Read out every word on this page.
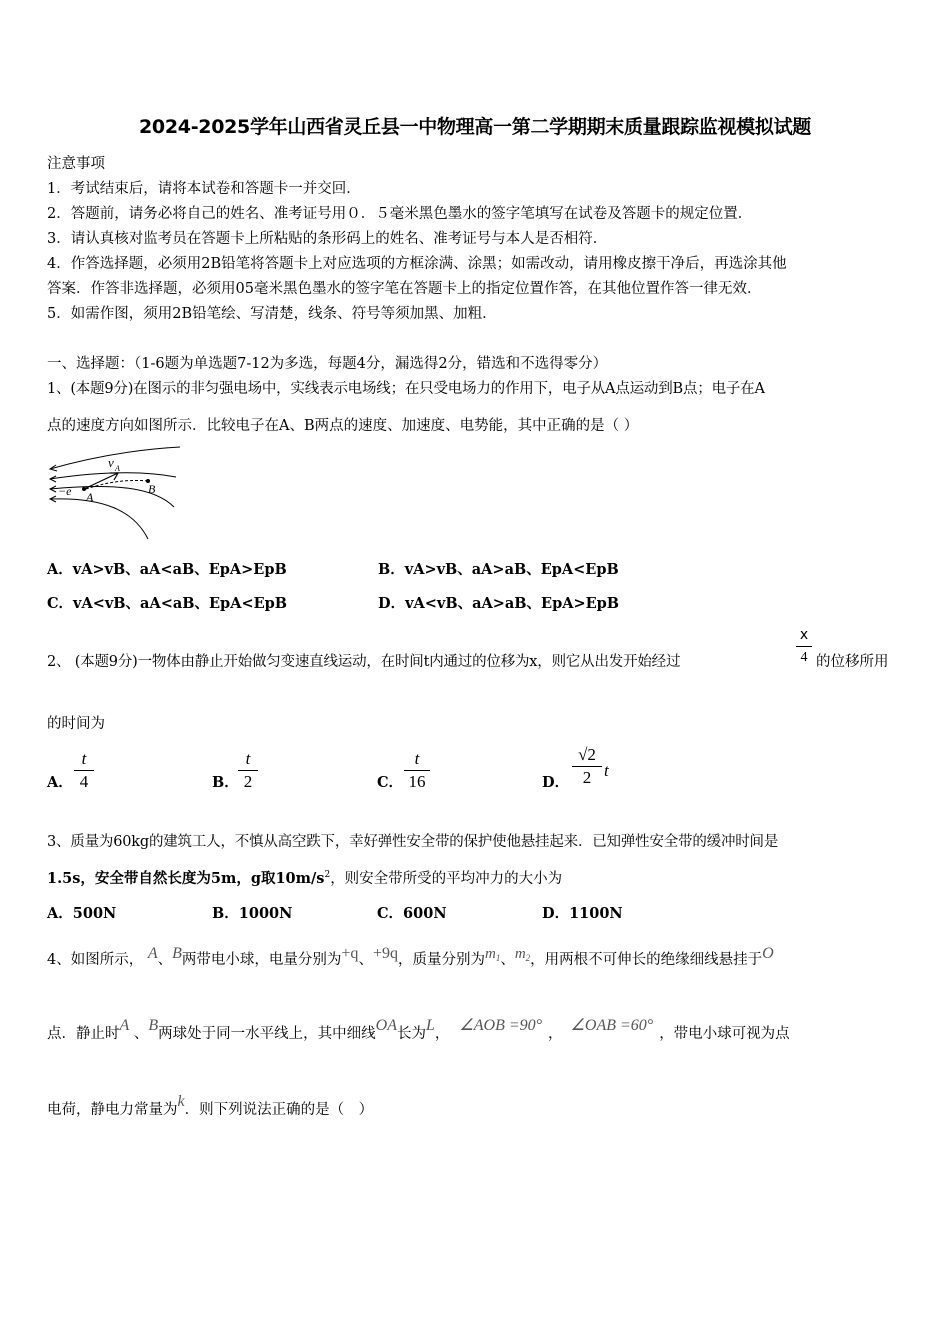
2024-2025学年山西省灵丘县一中物理高一第二学期期末质量跟踪监视模拟试题
注意事项
1．考试结束后，请将本试卷和答题卡一并交回．
2．答题前，请务必将自己的姓名、准考证号用０．５毫米黑色墨水的签字笔填写在试卷及答题卡的规定位置．
3．请认真核对监考员在答题卡上所粘贴的条形码上的姓名、准考证号与本人是否相符．
4．作答选择题，必须用2B铅笔将答题卡上对应选项的方框涂满、涂黑；如需改动，请用橡皮擦干净后，再选涂其他
答案．作答非选择题，必须用05毫米黑色墨水的签字笔在答题卡上的指定位置作答，在其他位置作答一律无效．
5．如需作图，须用2B铅笔绘、写清楚，线条、符号等须加黑、加粗．
一、选择题：（1-6题为单选题7-12为多选，每题4分，漏选得2分，错选和不选得零分）
1、(本题9分)在图示的非匀强电场中，实线表示电场线；在只受电场力的作用下，电子从A点运动到B点；电子在A
点的速度方向如图所示．比较电子在A、B两点的速度、加速度、电势能，其中正确的是（ ）
v A
−e A
B
A．vA>vB、aA<aB、EpA>EpB	B．vA>vB、aA>aB、EpA<EpB
C．vA<vB、aA<aB、EpA<EpB	D．vA<vB、aA>aB、EpA>EpB
2、 (本题9分)一物体由静止开始做匀变速直线运动，在时间t内通过的位移为x，则它从出发开始经过
x
4 的位移所用
的时间为
A．
t
4	B．
t
2	C．
t
16	D．
√2
2 t
3、质量为60kg的建筑工人，不慎从高空跌下，幸好弹性安全带的保护使他悬挂起来．已知弹性安全带的缓冲时间是
1.5s，安全带自然长度为5m，g取$10m/s^2$，则安全带所受的平均冲力的大小为
A．500N	B．1000N	C．600N	D．1100N
4、如图所示， A、B两带电小球，电量分别为+q、+9q，质量分别为$m_1$、$m_2$，用两根不可伸长的绝缘细线悬挂于O
点．静止时A 、B两球处于同一水平线上，其中细线OA长为L， ∠AOB =90° ， ∠OAB =60° ，带电小球可视为点
电荷，静电力常量为k．则下列说法正确的是（　）
